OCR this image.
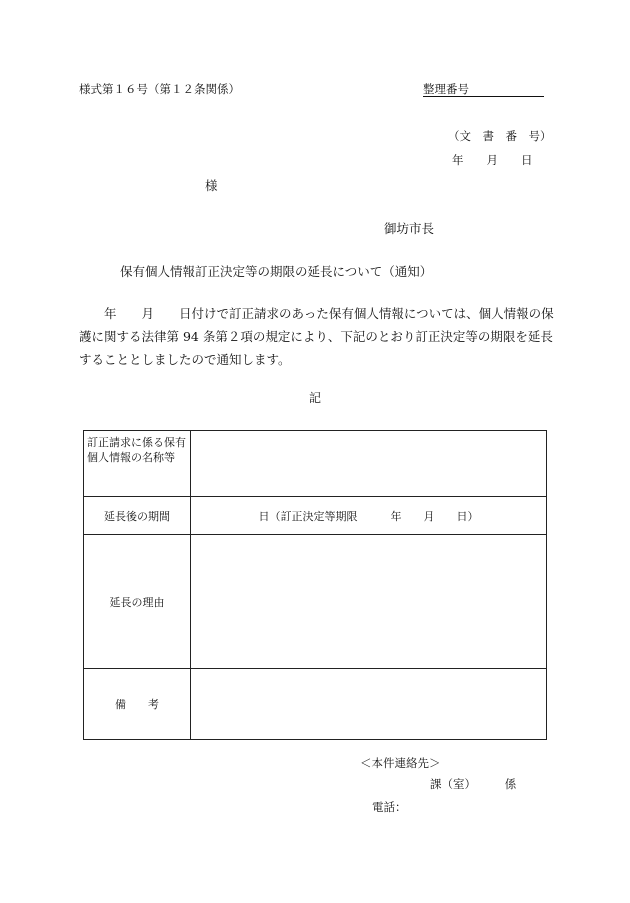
様式第１６号（第１２条関係）	整理番号
（文　書　番　号）
年　　月　　日
様
御坊市長
保有個人情報訂正決定等の期限の延長について（通知）
　　年　　月　　日付けで訂正請求のあった保有個人情報については、個人情報の保護に関する法律第 94 条第２項の規定により、下記のとおり訂正決定等の期限を延長することとしましたので通知します。
記
訂正請求に係る保有個人情報の名称等	
延長後の期間	日（訂正決定等期限　　　年　　月　　日）
延長の理由	
備　　考	
＜本件連絡先＞
課（室）　　　係
電話：
